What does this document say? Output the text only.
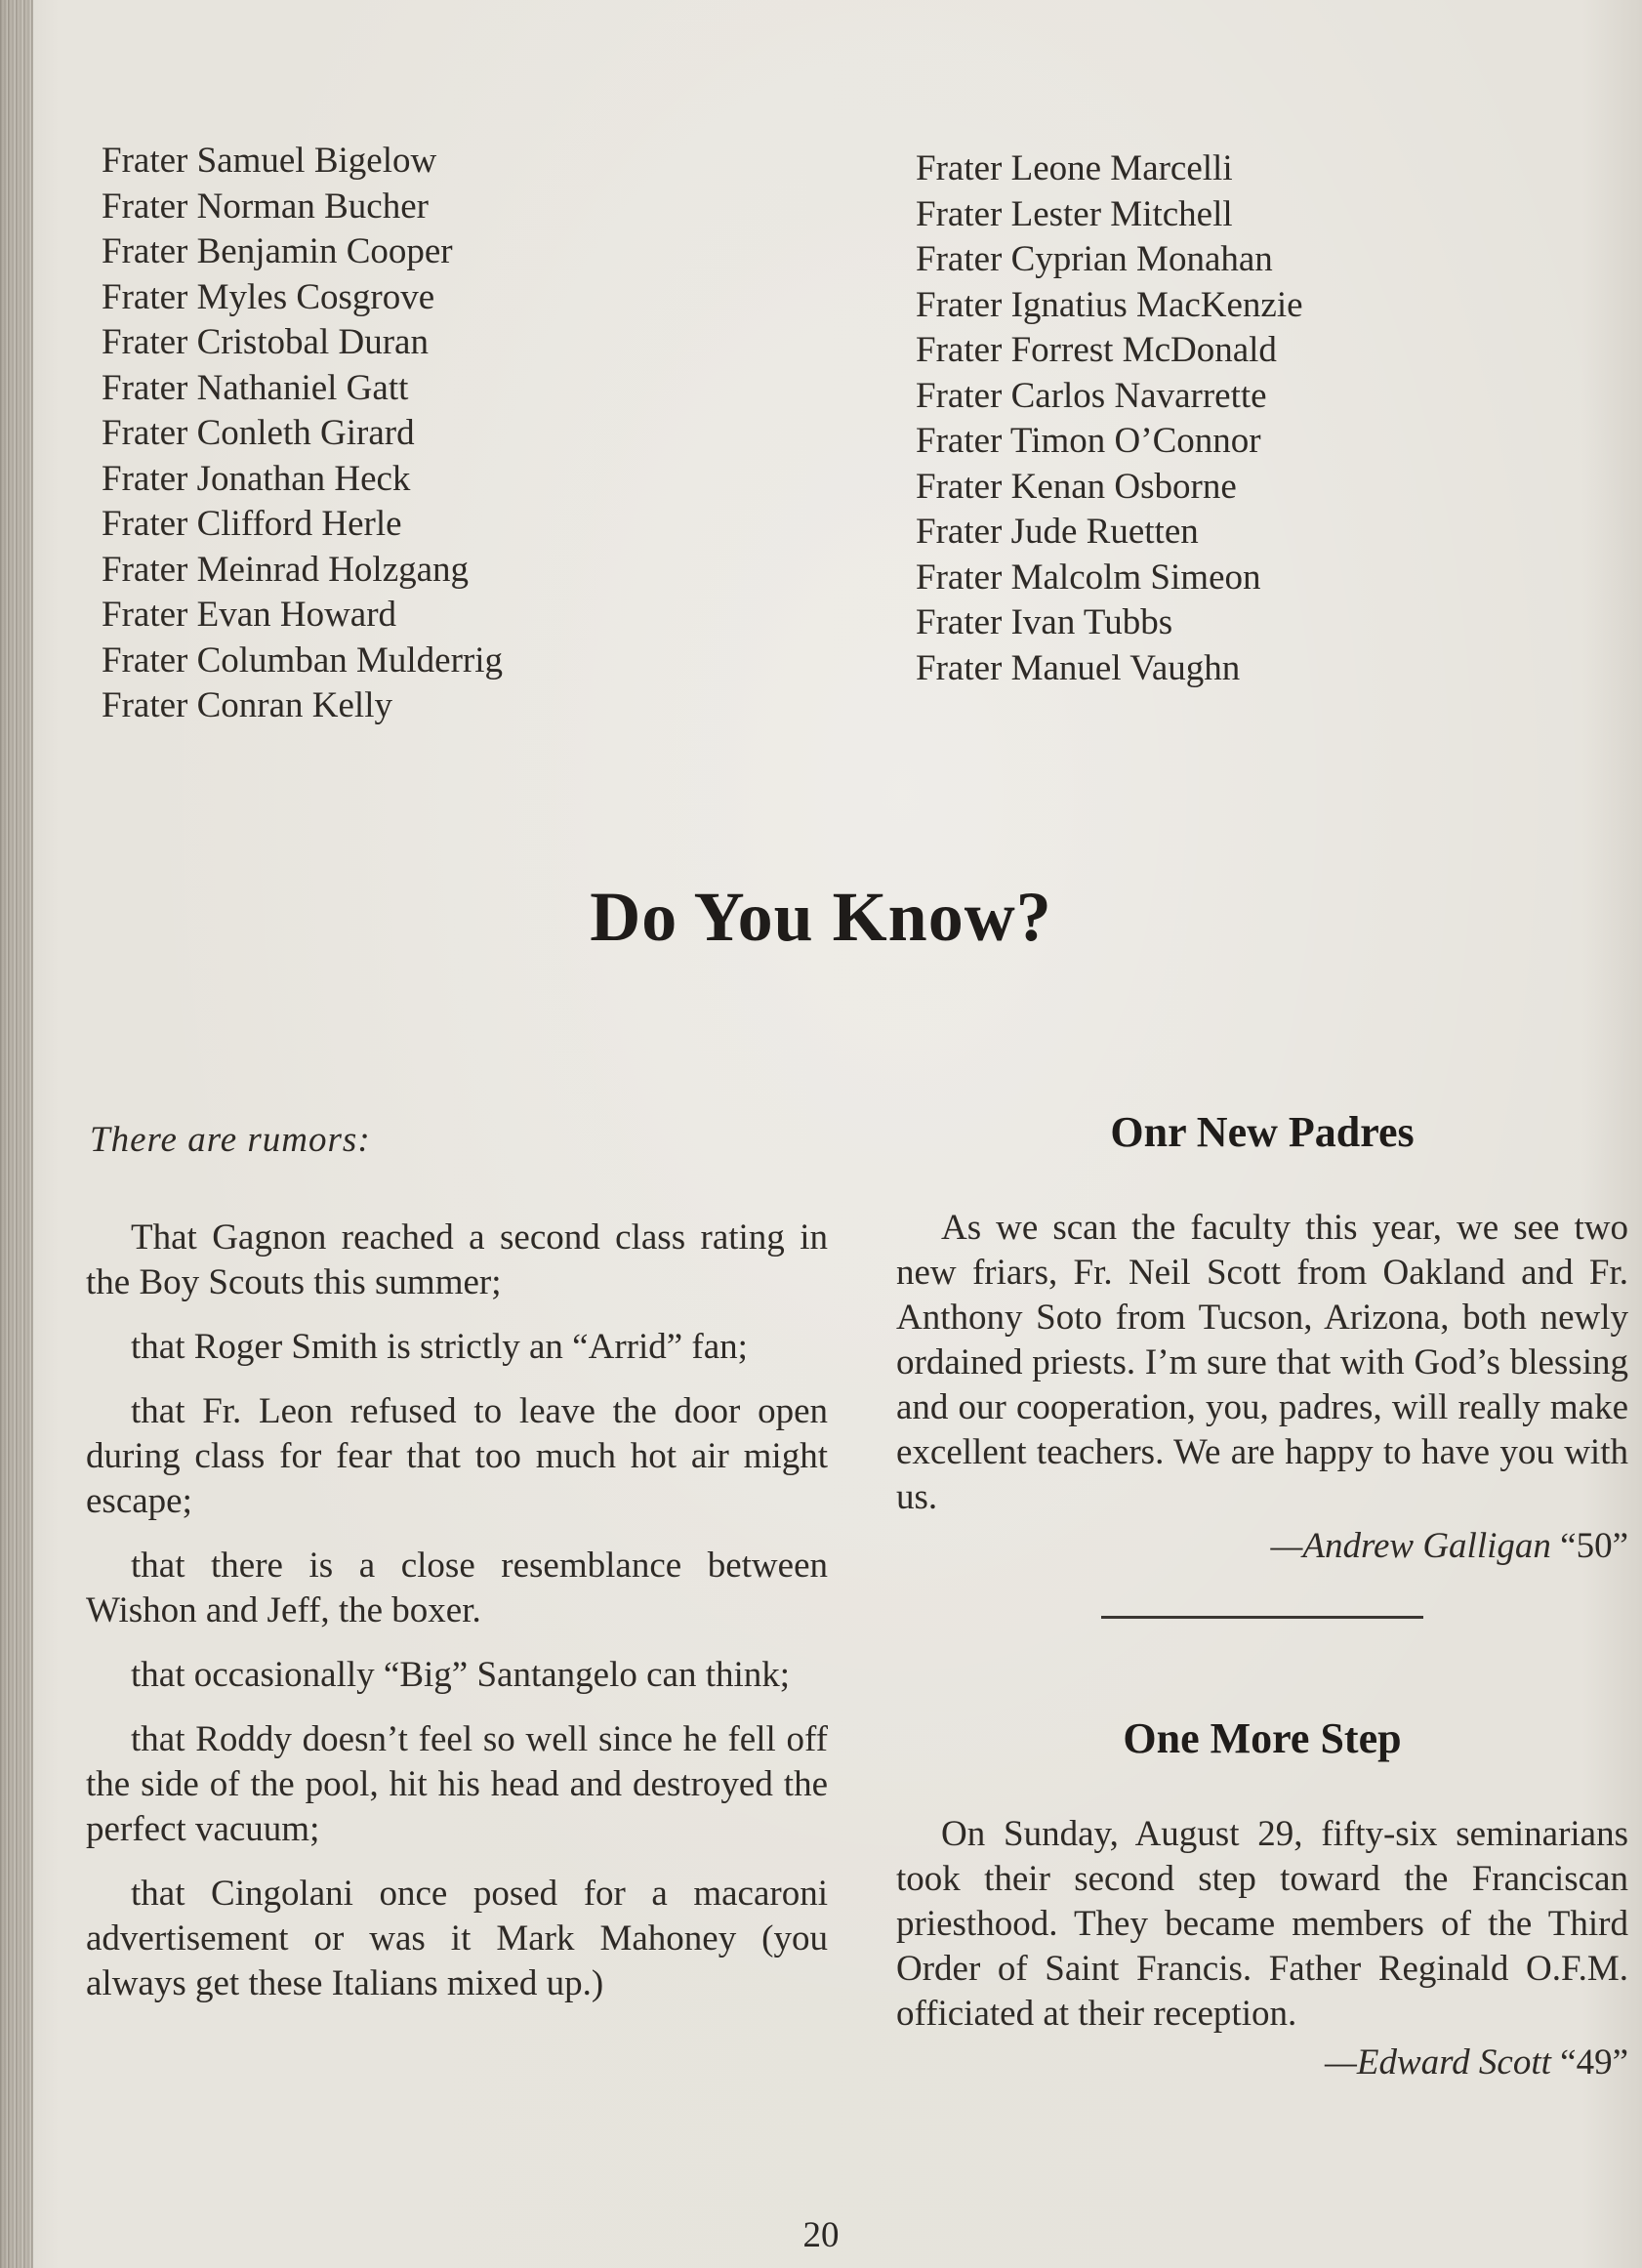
Frater Samuel Bigelow
Frater Norman Bucher
Frater Benjamin Cooper
Frater Myles Cosgrove
Frater Cristobal Duran
Frater Nathaniel Gatt
Frater Conleth Girard
Frater Jonathan Heck
Frater Clifford Herle
Frater Meinrad Holzgang
Frater Evan Howard
Frater Columban Mulderrig
Frater Conran Kelly
Frater Leone Marcelli
Frater Lester Mitchell
Frater Cyprian Monahan
Frater Ignatius MacKenzie
Frater Forrest McDonald
Frater Carlos Navarrette
Frater Timon O’Connor
Frater Kenan Osborne
Frater Jude Ruetten
Frater Malcolm Simeon
Frater Ivan Tubbs
Frater Manuel Vaughn
Do You Know?

There are rumors:

That Gagnon reached a second class rating in the Boy Scouts this summer;

that Roger Smith is strictly an “Arrid” fan;

that Fr. Leon refused to leave the door open during class for fear that too much hot air might escape;

that there is a close resemblance between Wishon and Jeff, the boxer.

that occasionally “Big” Santangelo can think;

that Roddy doesn’t feel so well since he fell off the side of the pool, hit his head and destroyed the perfect vacuum;

that Cingolani once posed for a macaroni advertisement or was it Mark Mahoney (you always get these Italians mixed up.)

Onr New Padres

As we scan the faculty this year, we see two new friars, Fr. Neil Scott from Oakland and Fr. Anthony Soto from Tucson, Arizona, both newly ordained priests. I’m sure that with God’s blessing and our cooperation, you, padres, will really make excellent teachers. We are happy to have you with us.

—Andrew Galligan “50”

One More Step

On Sunday, August 29, fifty-six seminarians took their second step toward the Franciscan priesthood. They became members of the Third Order of Saint Francis. Father Reginald O.F.M. officiated at their reception.

—Edward Scott “49”

20
